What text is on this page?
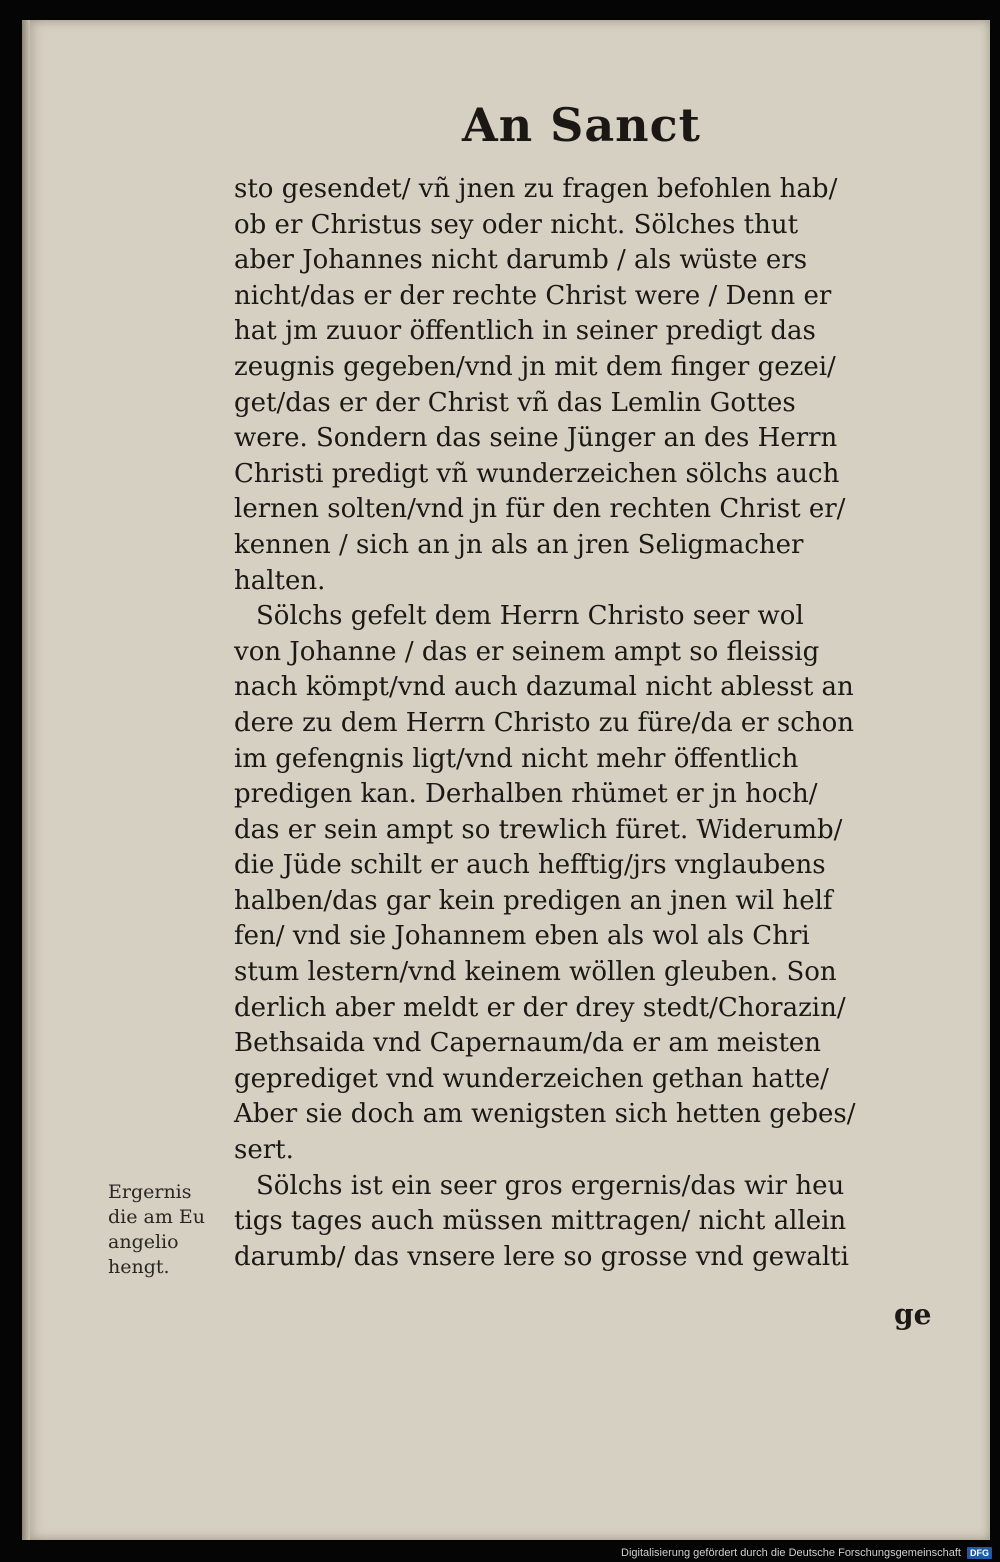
An Sanct
sto gesendet/ vñ jnen zu fragen befohlen hab/
ob er Christus sey oder nicht. Sölches thut
aber Johannes nicht darumb / als wüste ers
nicht/das er der rechte Christ were / Denn er
hat jm zuuor öffentlich in seiner predigt das
zeugnis gegeben/vnd jn mit dem finger gezei/
get/das er der Christ vñ das Lemlin Gottes
were. Sondern das seine Jünger an des Herrn
Christi predigt vñ wunderzeichen sölchs auch
lernen solten/vnd jn für den rechten Christ er/
kennen / sich an jn als an jren Seligmacher
halten.
Sölchs gefelt dem Herrn Christo seer wol
von Johanne / das er seinem ampt so fleissig
nach kömpt/vnd auch dazumal nicht ablesst an
dere zu dem Herrn Christo zu füre/da er schon
im gefengnis ligt/vnd nicht mehr öffentlich
predigen kan. Derhalben rhümet er jn hoch/
das er sein ampt so trewlich füret. Widerumb/
die Jüde schilt er auch hefftig/jrs vnglaubens
halben/das gar kein predigen an jnen wil helf
fen/ vnd sie Johannem eben als wol als Chri
stum lestern/vnd keinem wöllen gleuben. Son
derlich aber meldt er der drey stedt/Chorazin/
Bethsaida vnd Capernaum/da er am meisten
geprediget vnd wunderzeichen gethan hatte/
Aber sie doch am wenigsten sich hetten gebes/
sert.
Sölchs ist ein seer gros ergernis/das wir heu
tigs tages auch müssen mittragen/ nicht allein
darumb/ das vnsere lere so grosse vnd gewalti
Ergernis
die am Eu
angelio
hengt.
ge
Digitalisierung gefördert durch die Deutsche Forschungsgemeinschaft	DFG
